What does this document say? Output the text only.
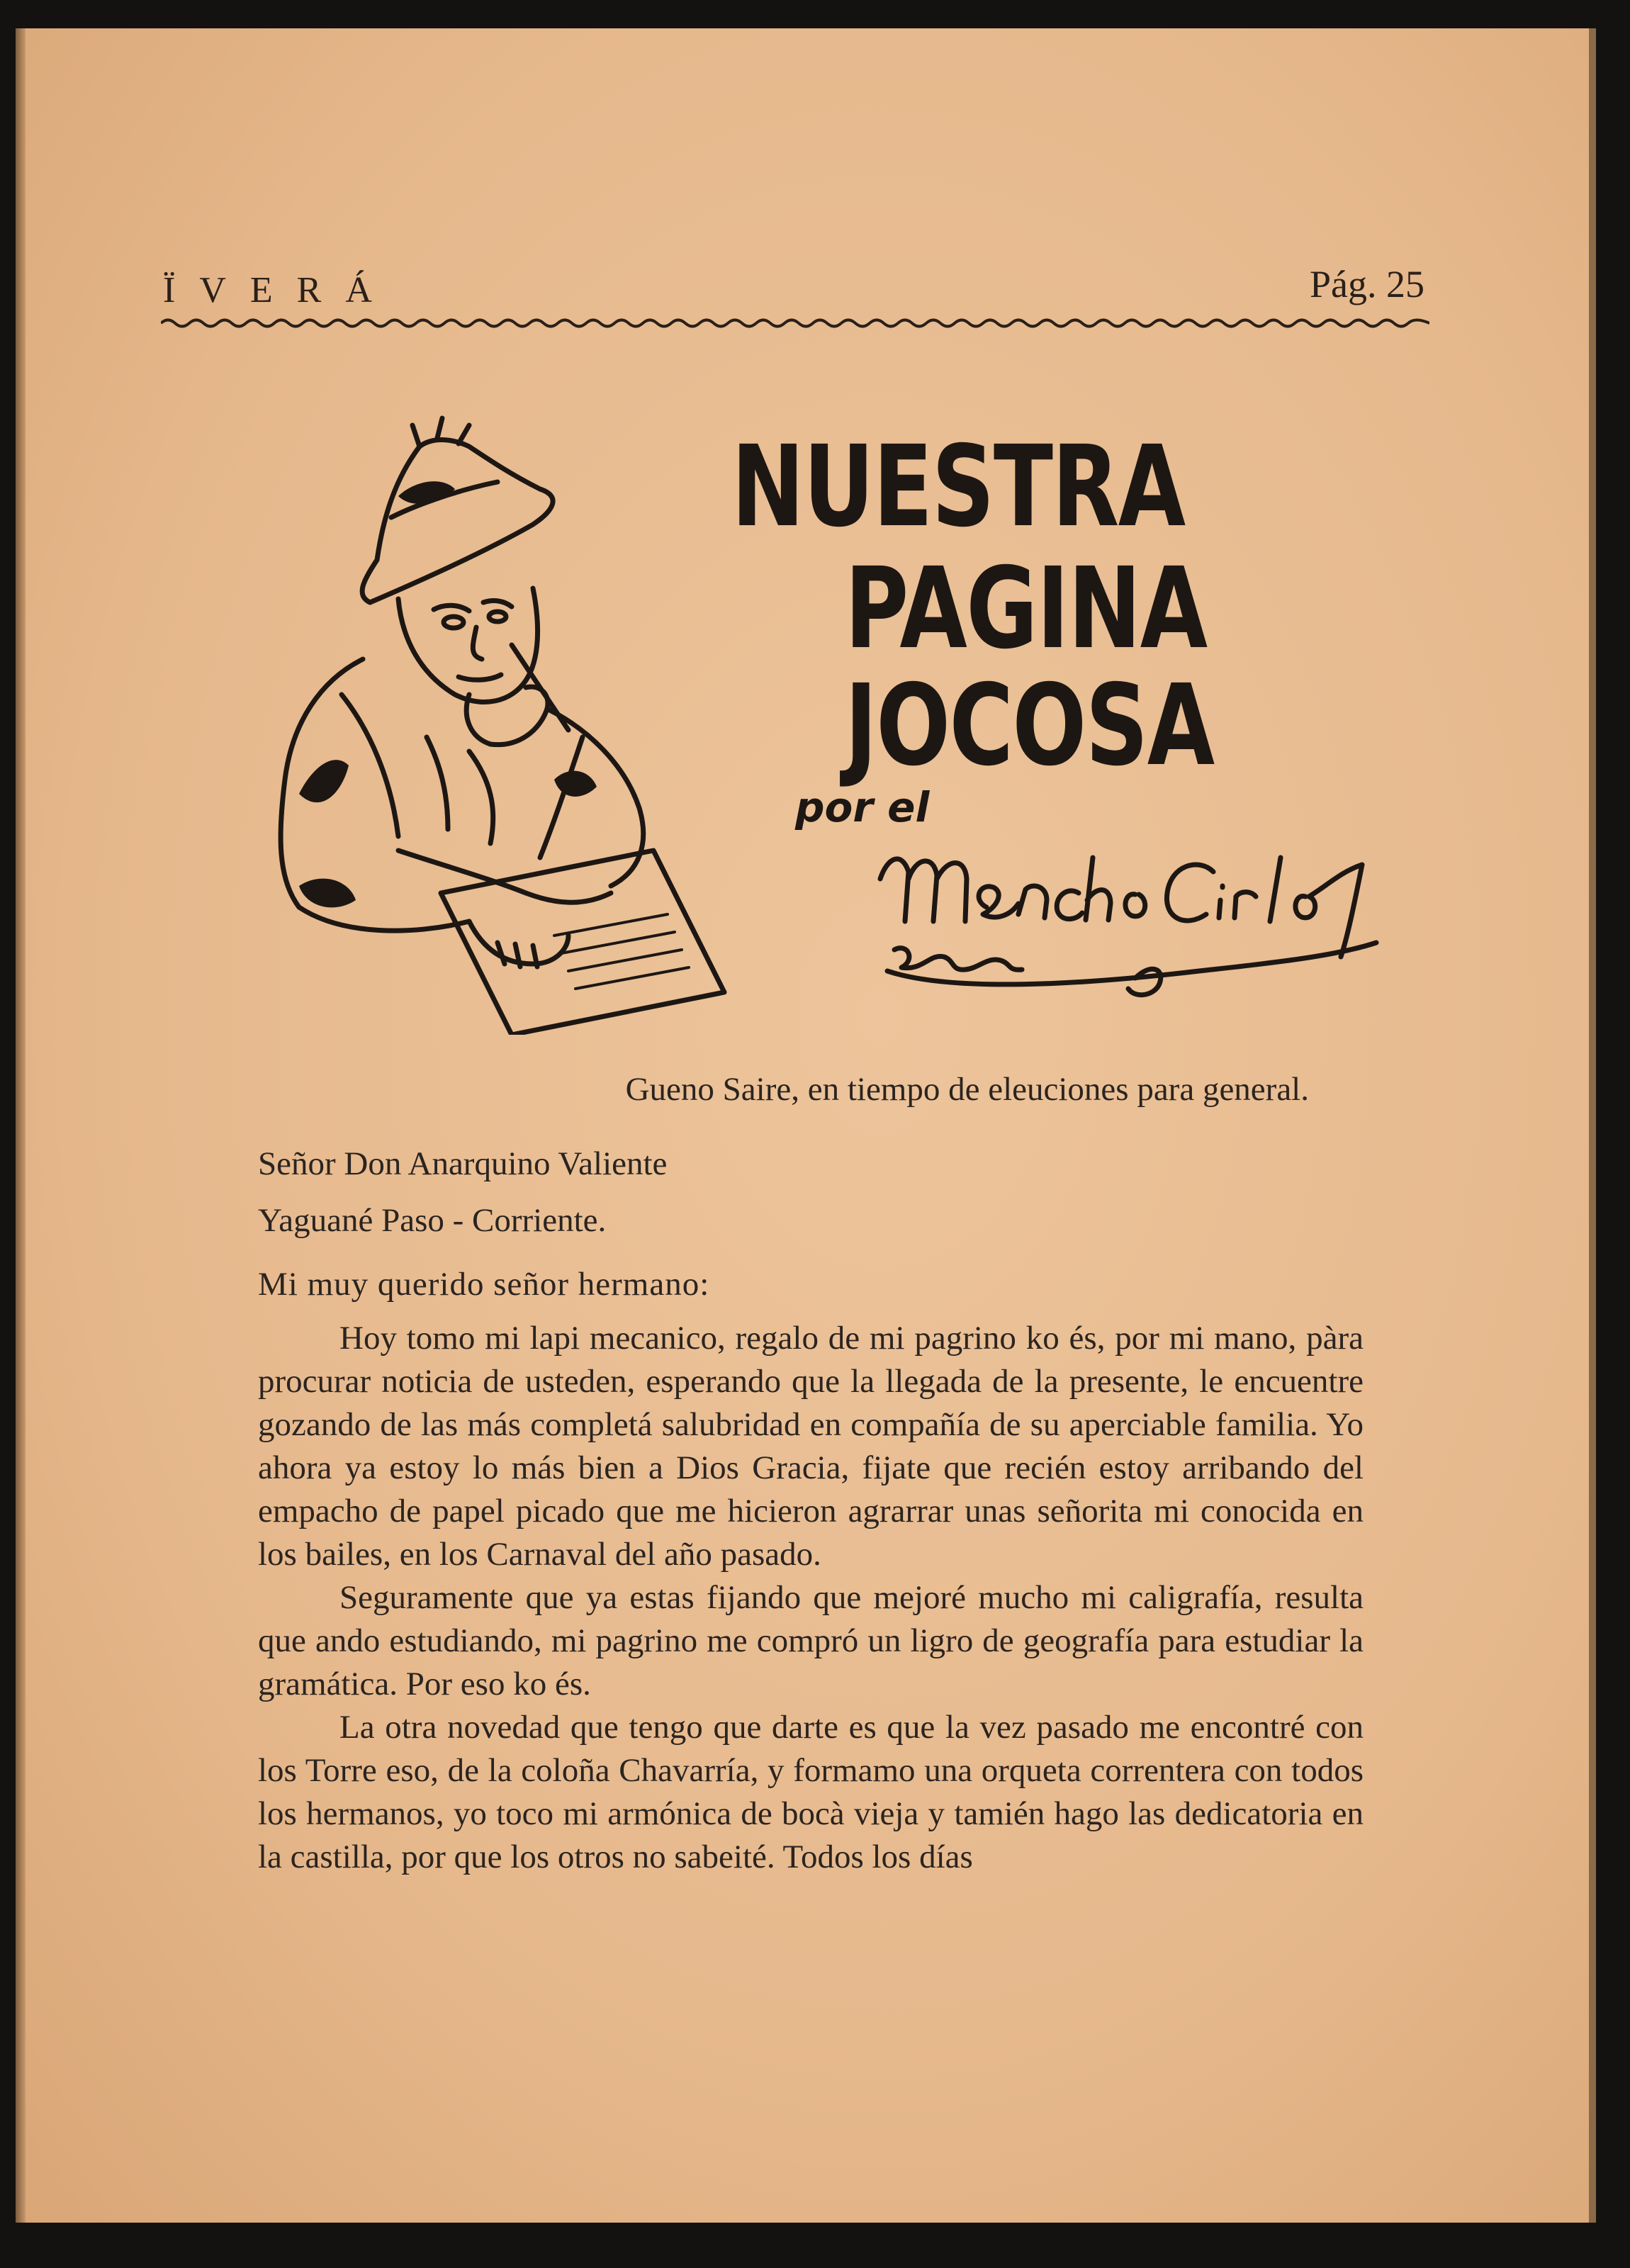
ÏVERÁ	Pág. 25
NUESTRA
PAGINA
JOCOSA
por el
Gueno Saire, en tiempo de eleuciones para general.
Señor Don Anarquino Valiente
Yaguané Paso - Corriente.
Mi muy querido señor hermano:

Hoy tomo mi lapi mecanico, regalo de mi pagrino ko és, por mi mano, pàra procurar noticia de usteden, esperando que la llegada de la presente, le encuentre gozando de las más completá salubridad en compañía de su aperciable familia. Yo ahora ya estoy lo más bien a Dios Gracia, fijate que recién estoy arribando del empacho de papel picado que me hicieron agrarrar unas señorita mi conocida en los bailes, en los Carnaval del año pasado.

Seguramente que ya estas fijando que mejoré mucho mi caligrafía, resulta que ando estudiando, mi pagrino me compró un ligro de geografía para estudiar la gramática. Por eso ko és.

La otra novedad que tengo que darte es que la vez pasado me encontré con los Torre eso, de la coloña Chavarría, y formamo una orqueta correntera con todos los hermanos, yo toco mi armónica de bocà vieja y tamién hago las dedicatoria en la castilla, por que los otros no sabeité. Todos los días
